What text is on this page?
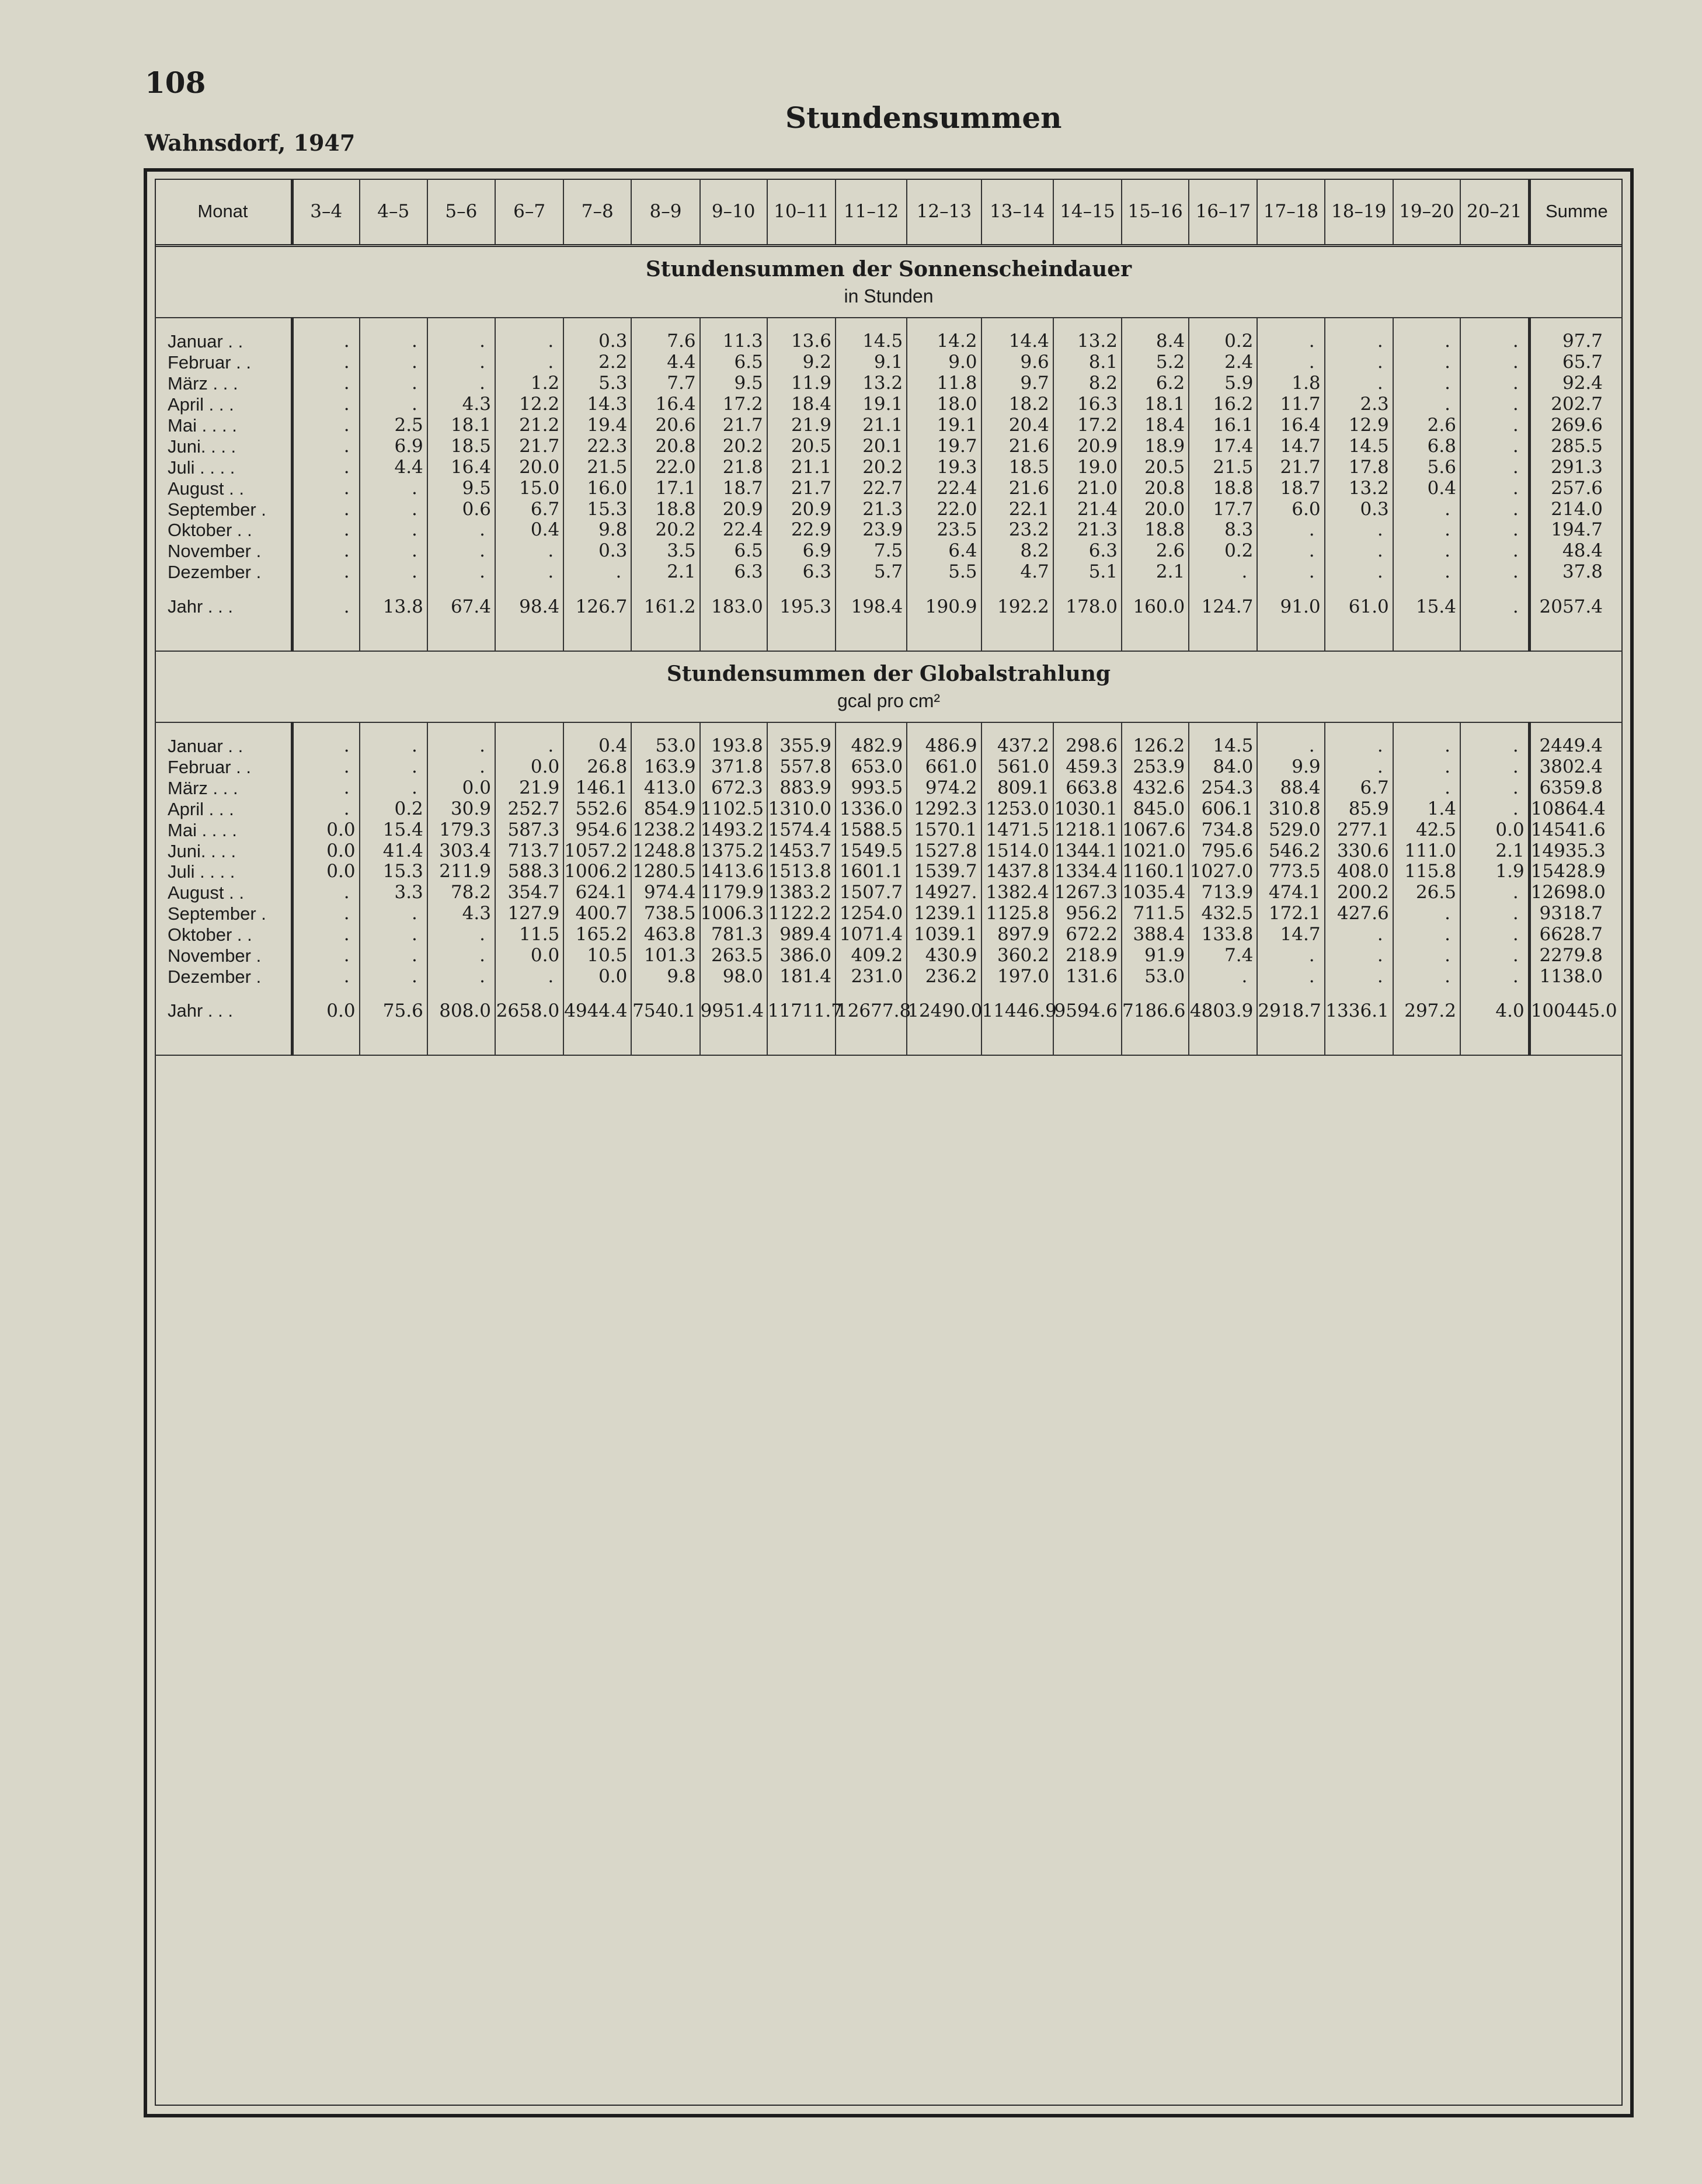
108
Wahnsdorf, 1947
Stundensummen
Monat	3–4	4–5	5–6	6–7	7–8	8–9	9–10	10–11	11–12	12–13	13–14	14–15	15–16	16–17	17–18	18–19	19–20	20–21	Summe

Stundensummen der Sonnenscheindauer
in Stunden																			

Januar . .	.	.	.	.	0.3	7.6	11.3	13.6	14.5	14.2	14.4	13.2	8.4	0.2	.	.	.	.	97.7
Februar . .	.	.	.	.	2.2	4.4	6.5	9.2	9.1	9.0	9.6	8.1	5.2	2.4	.	.	.	.	65.7
März . . .	.	.	.	1.2	5.3	7.7	9.5	11.9	13.2	11.8	9.7	8.2	6.2	5.9	1.8	.	.	.	92.4
April . . .	.	.	4.3	12.2	14.3	16.4	17.2	18.4	19.1	18.0	18.2	16.3	18.1	16.2	11.7	2.3	.	.	202.7
Mai . . . .	.	2.5	18.1	21.2	19.4	20.6	21.7	21.9	21.1	19.1	20.4	17.2	18.4	16.1	16.4	12.9	2.6	.	269.6
Juni. . . .	.	6.9	18.5	21.7	22.3	20.8	20.2	20.5	20.1	19.7	21.6	20.9	18.9	17.4	14.7	14.5	6.8	.	285.5
Juli . . . .	.	4.4	16.4	20.0	21.5	22.0	21.8	21.1	20.2	19.3	18.5	19.0	20.5	21.5	21.7	17.8	5.6	.	291.3
August . .	.	.	9.5	15.0	16.0	17.1	18.7	21.7	22.7	22.4	21.6	21.0	20.8	18.8	18.7	13.2	0.4	.	257.6
September .	.	.	0.6	6.7	15.3	18.8	20.9	20.9	21.3	22.0	22.1	21.4	20.0	17.7	6.0	0.3	.	.	214.0
Oktober . .	.	.	.	0.4	9.8	20.2	22.4	22.9	23.9	23.5	23.2	21.3	18.8	8.3	.	.	.	.	194.7
November .	.	.	.	.	0.3	3.5	6.5	6.9	7.5	6.4	8.2	6.3	2.6	0.2	.	.	.	.	48.4
Dezember .	.	.	.	.	.	2.1	6.3	6.3	5.7	5.5	4.7	5.1	2.1	.	.	.	.	.	37.8
Jahr . . .	.	13.8	67.4	98.4	126.7	161.2	183.0	195.3	198.4	190.9	192.2	178.0	160.0	124.7	91.0	61.0	15.4	.	2057.4

Stundensummen der Globalstrahlung
gcal pro cm²																			

Januar . .	.	.	.	.	0.4	53.0	193.8	355.9	482.9	486.9	437.2	298.6	126.2	14.5	.	.	.	.	2449.4
Februar . .	.	.	.	0.0	26.8	163.9	371.8	557.8	653.0	661.0	561.0	459.3	253.9	84.0	9.9	.	.	.	3802.4
März . . .	.	.	0.0	21.9	146.1	413.0	672.3	883.9	993.5	974.2	809.1	663.8	432.6	254.3	88.4	6.7	.	.	6359.8
April . . .	.	0.2	30.9	252.7	552.6	854.9	1102.5	1310.0	1336.0	1292.3	1253.0	1030.1	845.0	606.1	310.8	85.9	1.4	.	10864.4
Mai . . . .	0.0	15.4	179.3	587.3	954.6	1238.2	1493.2	1574.4	1588.5	1570.1	1471.5	1218.1	1067.6	734.8	529.0	277.1	42.5	0.0	14541.6
Juni. . . .	0.0	41.4	303.4	713.7	1057.2	1248.8	1375.2	1453.7	1549.5	1527.8	1514.0	1344.1	1021.0	795.6	546.2	330.6	111.0	2.1	14935.3
Juli . . . .	0.0	15.3	211.9	588.3	1006.2	1280.5	1413.6	1513.8	1601.1	1539.7	1437.8	1334.4	1160.1	1027.0	773.5	408.0	115.8	1.9	15428.9
August . .	.	3.3	78.2	354.7	624.1	974.4	1179.9	1383.2	1507.7	14927.	1382.4	1267.3	1035.4	713.9	474.1	200.2	26.5	.	12698.0
September .	.	.	4.3	127.9	400.7	738.5	1006.3	1122.2	1254.0	1239.1	1125.8	956.2	711.5	432.5	172.1	427.6	.	.	9318.7
Oktober . .	.	.	.	11.5	165.2	463.8	781.3	989.4	1071.4	1039.1	897.9	672.2	388.4	133.8	14.7	.	.	.	6628.7
November .	.	.	.	0.0	10.5	101.3	263.5	386.0	409.2	430.9	360.2	218.9	91.9	7.4	.	.	.	.	2279.8
Dezember .	.	.	.	.	0.0	9.8	98.0	181.4	231.0	236.2	197.0	131.6	53.0	.	.	.	.	.	1138.0
Jahr . . .	0.0	75.6	808.0	2658.0	4944.4	7540.1	9951.4	11711.7	12677.8	12490.0	11446.9	9594.6	7186.6	4803.9	2918.7	1336.1	297.2	4.0	100445.0
